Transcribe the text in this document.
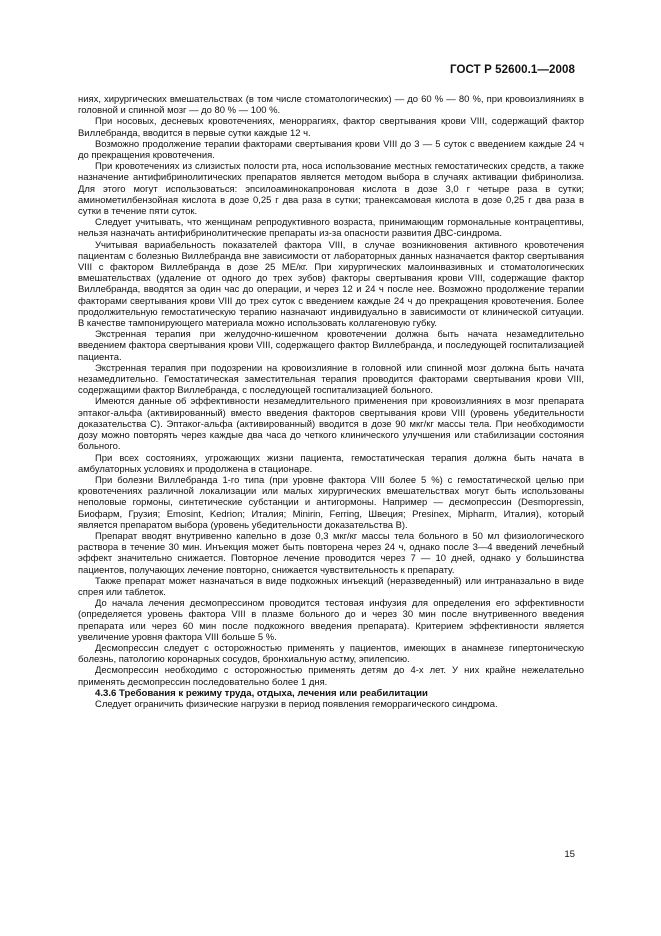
ГОСТ Р 52600.1—2008

ниях, хирургических вмешательствах (в том числе стоматологических) — до 60 % — 80 %, при кровоизлияниях в головной и спинной мозг — до 80 % — 100 %.

При носовых, десневых кровотечениях, меноррагиях, фактор свертывания крови VIII, содержащий фактор Виллебранда, вводится в первые сутки каждые 12 ч.

Возможно продолжение терапии факторами свертывания крови VIII до 3 — 5 суток с введением каждые 24 ч до прекращения кровотечения.

При кровотечениях из слизистых полости рта, носа использование местных гемостатических средств, а также назначение антифибринолитических препаратов является методом выбора в случаях активации фибринолиза. Для этого могут использоваться: эпсилоаминокапроновая кислота в дозе 3,0 г четыре раза в сутки; аминометилбензойная кислота в дозе 0,25 г два раза в сутки; транексамовая кислота в дозе 0,25 г два раза в сутки в течение пяти суток.

Следует учитывать, что женщинам репродуктивного возраста, принимающим гормональные контрацептивы, нельзя назначать антифибринолитические препараты из-за опасности развития ДВС-синдрома.

Учитывая вариабельность показателей фактора VIII, в случае возникновения активного кровотечения пациентам с болезнью Виллебранда вне зависимости от лабораторных данных назначается фактор свертывания VIII с фактором Виллебранда в дозе 25 МЕ/кг. При хирургических малоинвазивных и стоматологических вмешательствах (удаление от одного до трех зубов) факторы свертывания крови VIII, содержащие фактор Виллебранда, вводятся за один час до операции, и через 12 и 24 ч после нее. Возможно продолжение терапии факторами свертывания крови VIII до трех суток с введением каждые 24 ч до прекращения кровотечения. Более продолжительную гемостатическую терапию назначают индивидуально в зависимости от клинической ситуации. В качестве тампонирующего материала можно использовать коллагеновую губку.

Экстренная терапия при желудочно-кишечном кровотечении должна быть начата незамедлительно введением фактора свертывания крови VIII, содержащего фактор Виллебранда, и последующей госпитализацией пациента.

Экстренная терапия при подозрении на кровоизлияние в головной или спинной мозг должна быть начата незамедлительно. Гемостатическая заместительная терапия проводится факторами свертывания крови VIII, содержащими фактор Виллебранда, с последующей госпитализацией больного.

Имеются данные об эффективности незамедлительного применения при кровоизлияниях в мозг препарата эптаког-альфа (активированный) вместо введения факторов свертывания крови VIII (уровень убедительности доказательства С). Эптаког-альфа (активированный) вводится в дозе 90 мкг/кг массы тела. При необходимости дозу можно повторять через каждые два часа до четкого клинического улучшения или стабилизации состояния больного.

При всех состояниях, угрожающих жизни пациента, гемостатическая терапия должна быть начата в амбулаторных условиях и продолжена в стационаре.

При болезни Виллебранда 1-го типа (при уровне фактора VIII более 5 %) с гемостатической целью при кровотечениях различной локализации или малых хирургических вмешательствах могут быть использованы неполовые гормоны, синтетические субстанции и антигормоны. Например — десмопрессин (Desmopressin, Биофарм, Грузия; Emosint, Kedrion; Италия; Minirin, Ferring, Швеция; Presinex, Mipharm, Италия), который является препаратом выбора (уровень убедительности доказательства В).

Препарат вводят внутривенно капельно в дозе 0,3 мкг/кг массы тела больного в 50 мл физиологического раствора в течение 30 мин. Инъекция может быть повторена через 24 ч, однако после 3—4 введений лечебный эффект значительно снижается. Повторное лечение проводится через 7 — 10 дней, однако у большинства пациентов, получающих лечение повторно, снижается чувствительность к препарату.

Также препарат может назначаться в виде подкожных инъекций (неразведенный) или интраназально в виде спрея или таблеток.

До начала лечения десмопрессином проводится тестовая инфузия для определения его эффективности (определяется уровень фактора VIII в плазме больного до и через 30 мин после внутривенного введения препарата или через 60 мин после подкожного введения препарата). Критерием эффективности является увеличение уровня фактора VIII больше 5 %.

Десмопрессин следует с осторожностью применять у пациентов, имеющих в анамнезе гипертоническую болезнь, патологию коронарных сосудов, бронхиальную астму, эпилепсию.

Десмопрессин необходимо с осторожностью применять детям до 4-х лет. У них крайне нежелательно применять десмопрессин последовательно более 1 дня.

4.3.6 Требования к режиму труда, отдыха, лечения или реабилитации

Следует ограничить физические нагрузки в период появления геморрагического синдрома.

15
